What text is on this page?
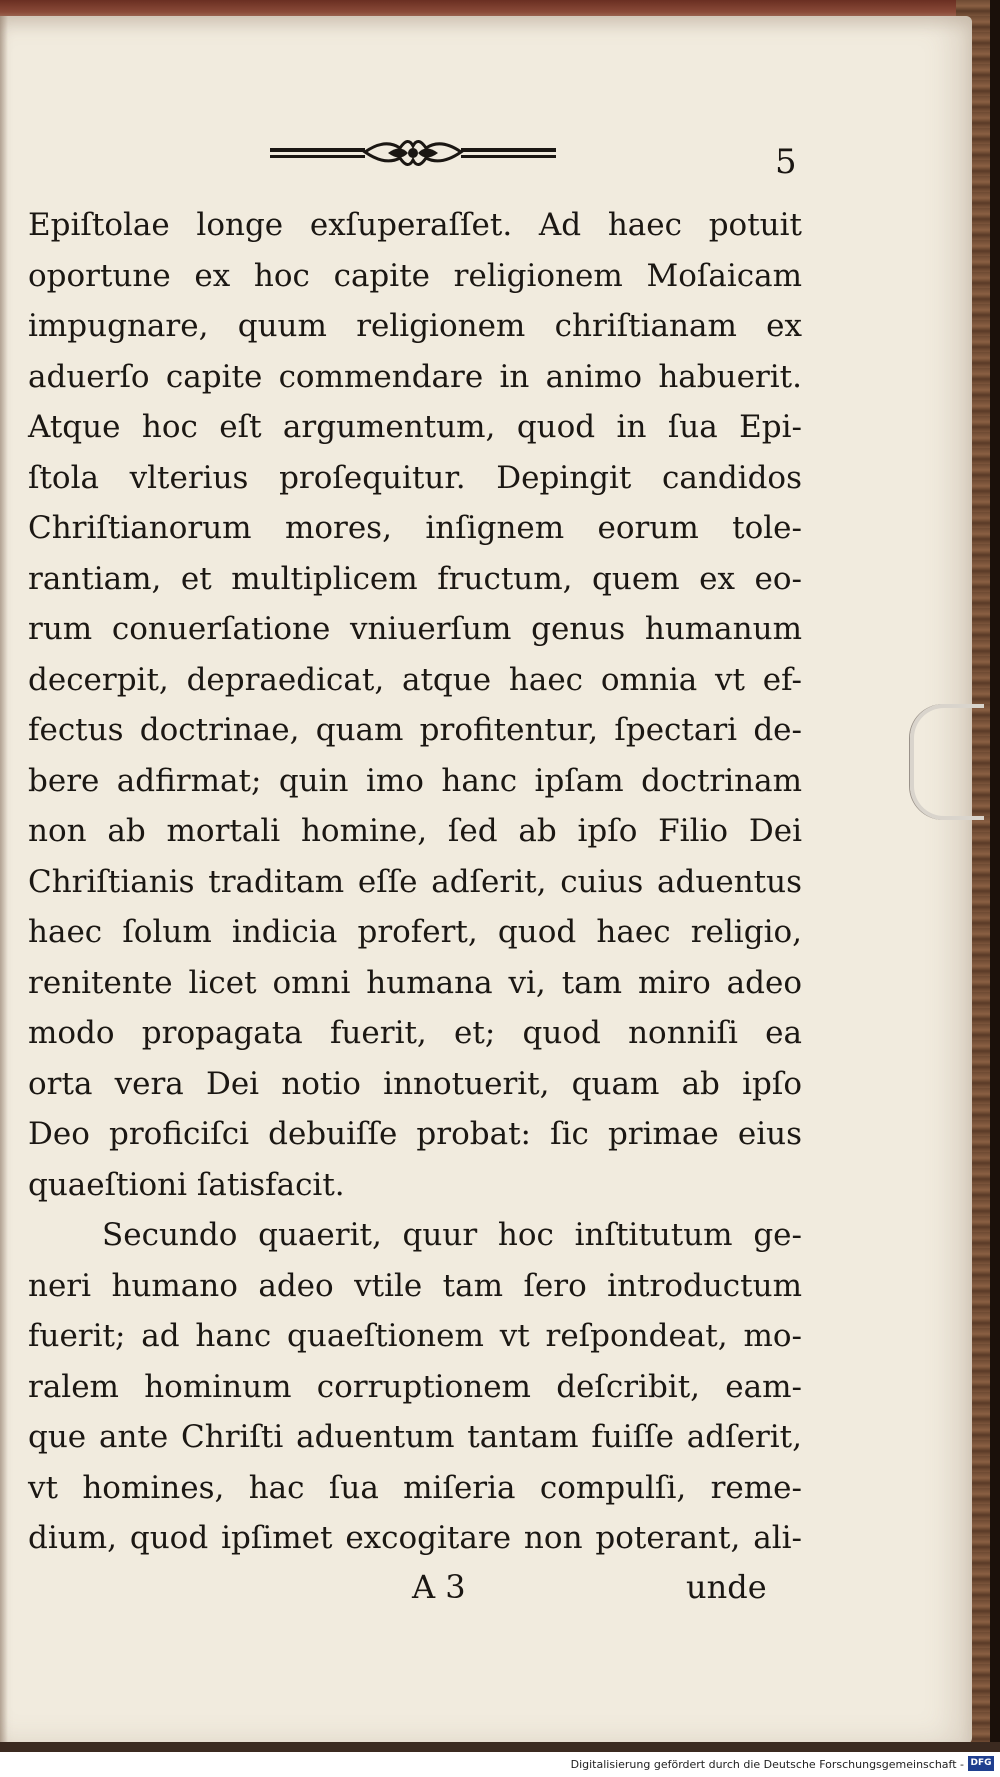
5
Epiſtolae longe exſuperaſſet. Ad haec potuit
oportune ex hoc capite religionem Moſaicam
impugnare, quum religionem chriſtianam ex
aduerſo capite commendare in animo habuerit.
Atque hoc eſt argumentum, quod in ſua Epi-
ſtola vlterius proſequitur. Depingit candidos
Chriſtianorum mores, inſignem eorum tole-
rantiam, et multiplicem fructum, quem ex eo-
rum conuerſatione vniuerſum genus humanum
decerpit, depraedicat, atque haec omnia vt ef-
fectus doctrinae, quam profitentur, ſpectari de-
bere adfirmat; quin imo hanc ipſam doctrinam
non ab mortali homine, ſed ab ipſo Filio Dei
Chriſtianis traditam eſſe adſerit, cuius aduentus
haec ſolum indicia profert, quod haec religio,
renitente licet omni humana vi, tam miro adeo
modo propagata fuerit, et; quod nonniſi ea
orta vera Dei notio innotuerit, quam ab ipſo
Deo proficiſci debuiſſe probat: ſic primae eius
quaeſtioni ſatisfacit.
Secundo quaerit, quur hoc inſtitutum ge-
neri humano adeo vtile tam ſero introductum
fuerit; ad hanc quaeſtionem vt reſpondeat, mo-
ralem hominum corruptionem deſcribit, eam-
que ante Chriſti aduentum tantam fuiſſe adſerit,
vt homines, hac ſua miſeria compulſi, reme-
dium, quod ipſimet excogitare non poterant, ali-
A 3	unde
Digitalisierung gefördert durch die Deutsche Forschungsgemeinschaft - DFG
